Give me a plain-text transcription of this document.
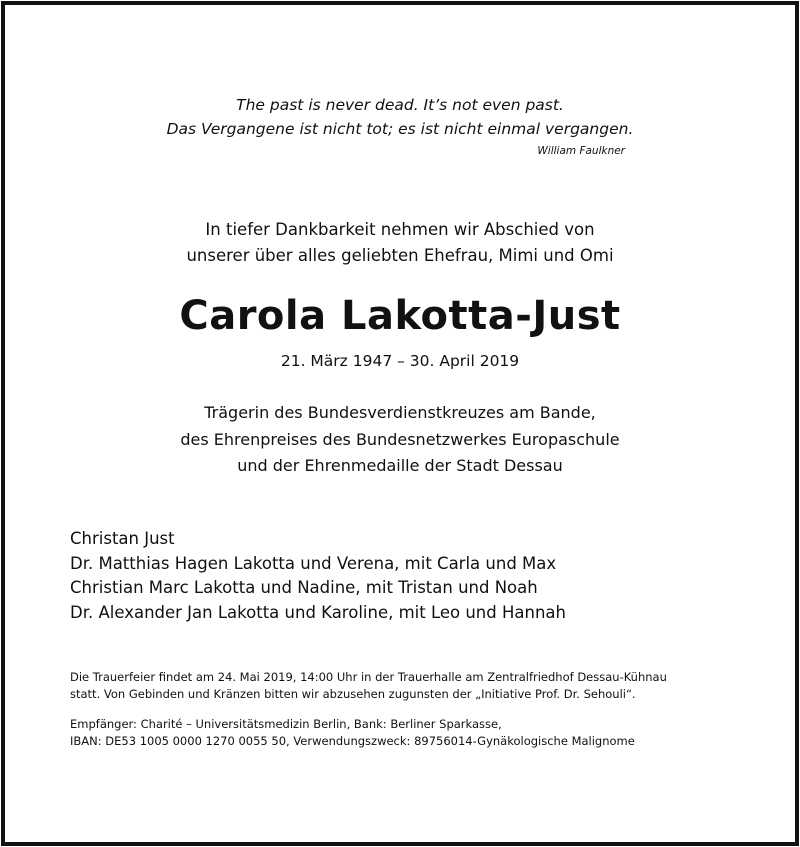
The past is never dead. It’s not even past.
Das Vergangene ist nicht tot; es ist nicht einmal vergangen.
William Faulkner
In tiefer Dankbarkeit nehmen wir Abschied von
unserer über alles geliebten Ehefrau, Mimi und Omi
Carola Lakotta-Just
21. März 1947 – 30. April 2019
Trägerin des Bundesverdienstkreuzes am Bande,
des Ehrenpreises des Bundesnetzwerkes Europaschule
und der Ehrenmedaille der Stadt Dessau
Christan Just
Dr. Matthias Hagen Lakotta und Verena, mit Carla und Max
Christian Marc Lakotta und Nadine, mit Tristan und Noah
Dr. Alexander Jan Lakotta und Karoline, mit Leo und Hannah
Die Trauerfeier findet am 24. Mai 2019, 14:00 Uhr in der Trauerhalle am Zentralfriedhof Dessau-Kühnau
statt. Von Gebinden und Kränzen bitten wir abzusehen zugunsten der „Initiative Prof. Dr. Sehouli“.
Empfänger: Charité – Universitätsmedizin Berlin, Bank: Berliner Sparkasse,
IBAN: DE53 1005 0000 1270 0055 50, Verwendungszweck: 89756014-Gynäkologische Malignome
